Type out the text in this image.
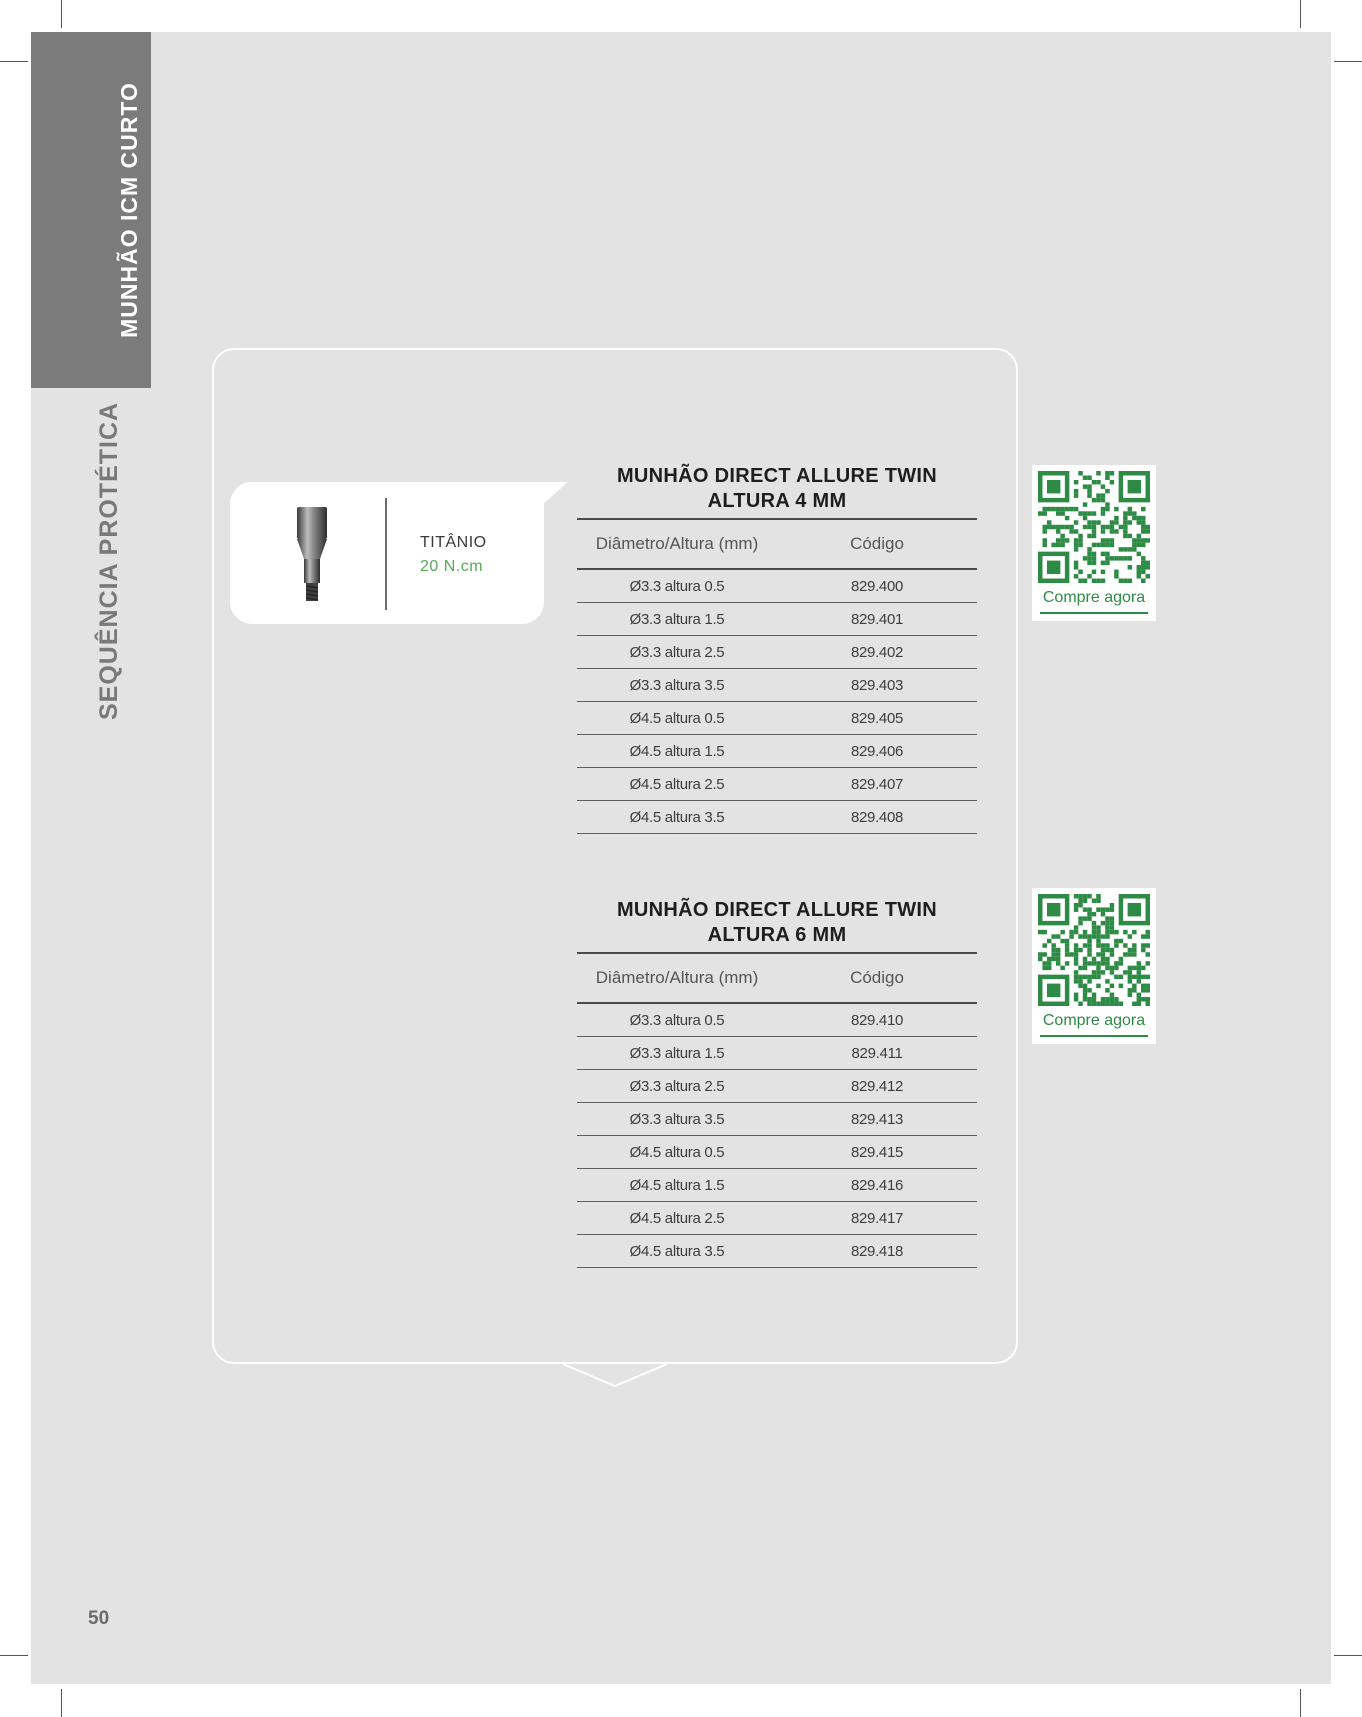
MUNHÃO ICM CURTO
SEQUÊNCIA PROTÉTICA	TITÂNIO
20 N.cm
MUNHÃO DIRECT ALLURE TWIN
ALTURA 4 MM
Diâmetro/Altura (mm)	Código
Ø3.3 altura 0.5	829.400
Ø3.3 altura 1.5	829.401
Ø3.3 altura 2.5	829.402
Ø3.3 altura 3.5	829.403
Ø4.5 altura 0.5	829.405
Ø4.5 altura 1.5	829.406
Ø4.5 altura 2.5	829.407
Ø4.5 altura 3.5	829.408
MUNHÃO DIRECT ALLURE TWIN
ALTURA 6 MM
Diâmetro/Altura (mm)	Código
Ø3.3 altura 0.5	829.410
Ø3.3 altura 1.5	829.411
Ø3.3 altura 2.5	829.412
Ø3.3 altura 3.5	829.413
Ø4.5 altura 0.5	829.415
Ø4.5 altura 1.5	829.416
Ø4.5 altura 2.5	829.417
Ø4.5 altura 3.5	829.418
Compre agora
Compre agora
50
